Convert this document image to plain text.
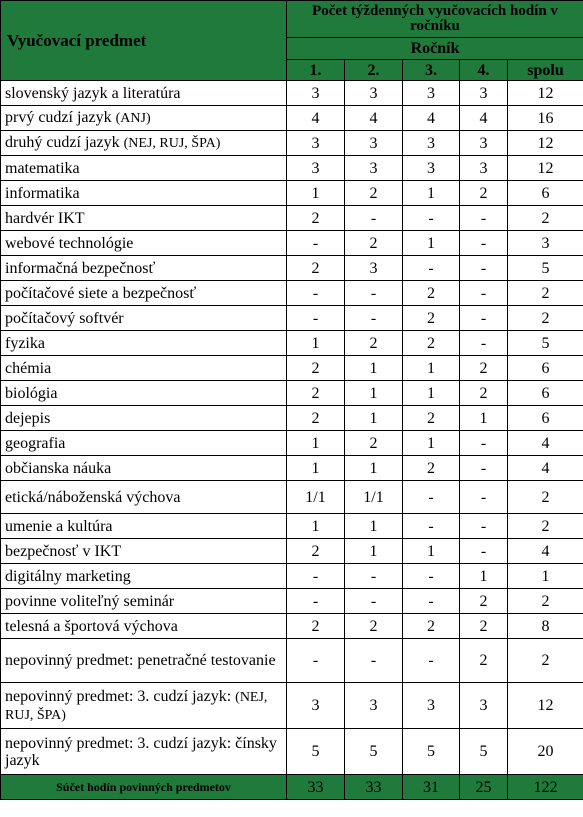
Vyučovací predmet	Počet týždenných vyučovacích hodín v ročníku				
	Ročník				
	1.	2.	3.	4.	spolu
slovenský jazyk a literatúra	3	3	3	3	12
prvý cudzí jazyk (ANJ)	4	4	4	4	16
druhý cudzí jazyk (NEJ, RUJ, ŠPA)	3	3	3	3	12
matematika	3	3	3	3	12
informatika	1	2	1	2	6
hardvér IKT	2	-	-	-	2
webové technológie	-	2	1	-	3
informačná bezpečnosť	2	3	-	-	5
počítačové siete a bezpečnosť	-	-	2	-	2
počítačový softvér	-	-	2	-	2
fyzika	1	2	2	-	5
chémia	2	1	1	2	6
biológia	2	1	1	2	6
dejepis	2	1	2	1	6
geografia	1	2	1	-	4
občianska náuka	1	1	2	-	4
etická/náboženská výchova	1/1	1/1	-	-	2
umenie a kultúra	1	1	-	-	2
bezpečnosť v IKT	2	1	1	-	4
digitálny marketing	-	-	-	1	1
povinne voliteľný seminár	-	-	-	2	2
telesná a športová výchova	2	2	2	2	8
nepovinný predmet: penetračné testovanie	-	-	-	2	2
nepovinný predmet: 3. cudzí jazyk: (NEJ, RUJ, ŠPA)	3	3	3	3	12
nepovinný predmet: 3. cudzí jazyk: čínsky jazyk	5	5	5	5	20
Súčet hodín povinných predmetov	33	33	31	25	122
